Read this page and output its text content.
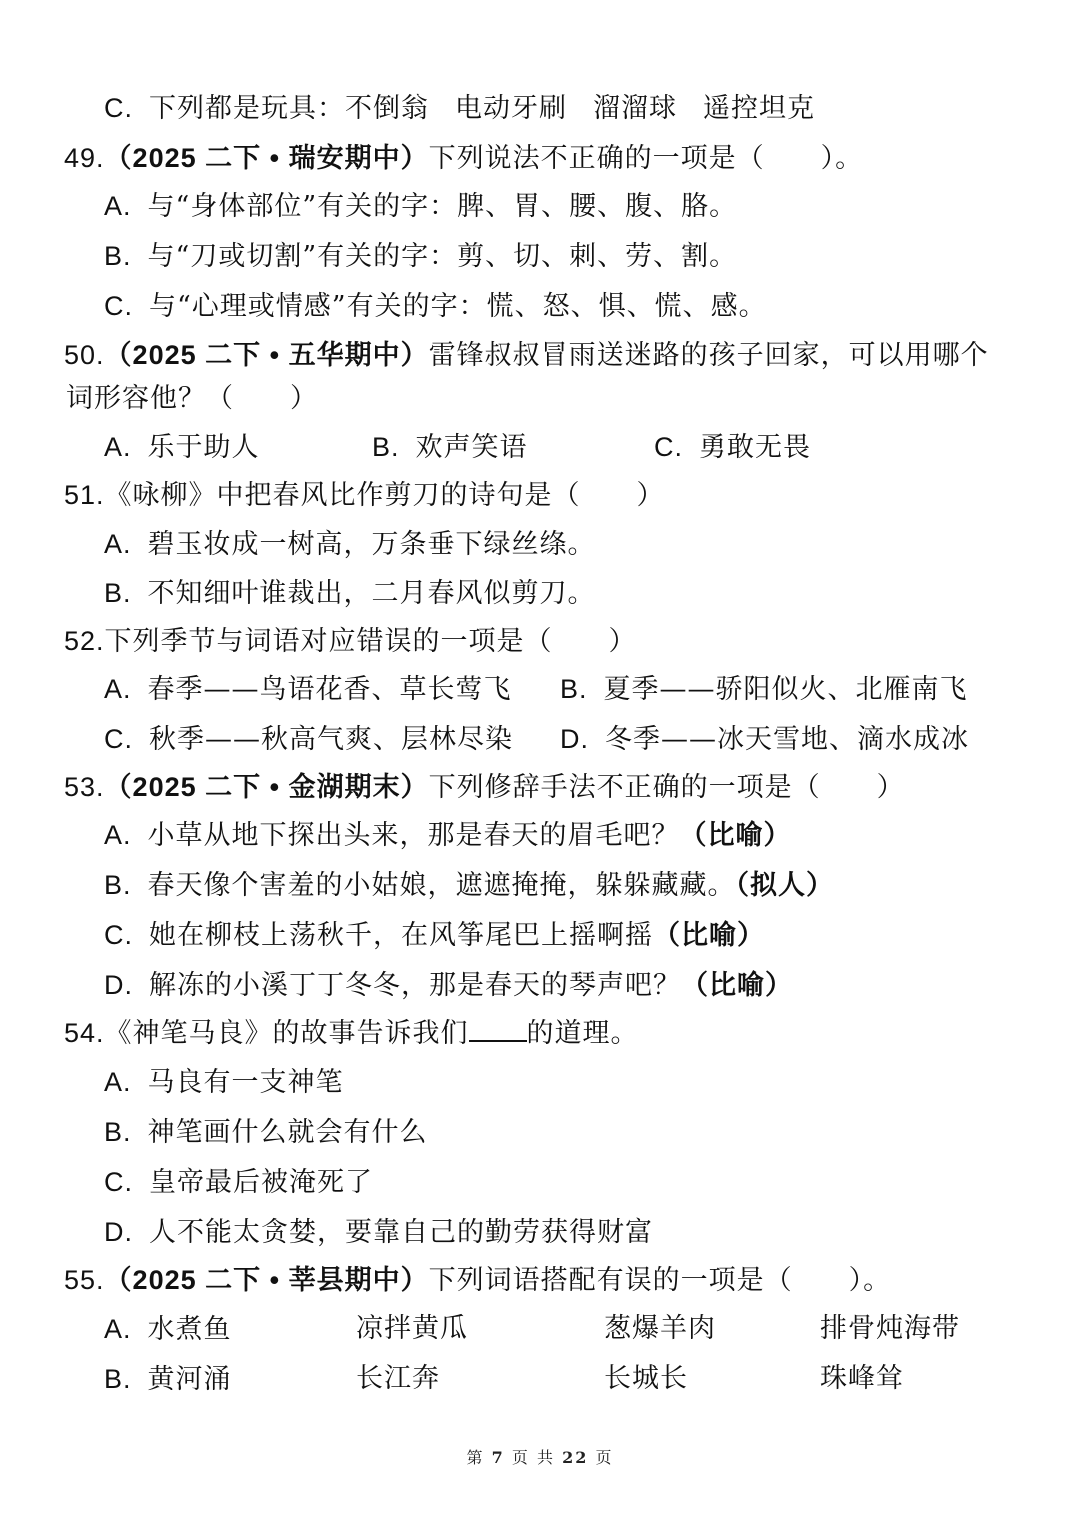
C. 下列都是玩具：不倒翁 电动牙刷 溜溜球 遥控坦克
49.（2025 二下 • 瑞安期中）下列说法不正确的一项是（　　）。
A. 与“身体部位”有关的字：脾、胃、腰、腹、胳。
B. 与“刀或切割”有关的字：剪、切、刺、劳、割。
C. 与“心理或情感”有关的字：慌、怒、惧、慌、感。
50.（2025 二下 • 五华期中）雷锋叔叔冒雨送迷路的孩子回家，可以用哪个
词形容他？（　　）
A. 乐于助人	B. 欢声笑语	C. 勇敢无畏
51.《咏柳》中把春风比作剪刀的诗句是（　　）
A. 碧玉妆成一树高，万条垂下绿丝绦。
B. 不知细叶谁裁出，二月春风似剪刀。
52.下列季节与词语对应错误的一项是（　　）
A. 春季——鸟语花香、草长莺飞 B. 夏季——骄阳似火、北雁南飞
C. 秋季——秋高气爽、层林尽染 D. 冬季——冰天雪地、滴水成冰
53.（2025 二下 • 金湖期末）下列修辞手法不正确的一项是（　　）
A. 小草从地下探出头来，那是春天的眉毛吧？（比喻）
B. 春天像个害羞的小姑娘，遮遮掩掩，躲躲藏藏。（拟人）
C. 她在柳枝上荡秋千，在风筝尾巴上摇啊摇（比喻）
D. 解冻的小溪丁丁冬冬，那是春天的琴声吧？（比喻）
54.《神笔马良》的故事告诉我们 的道理。
A. 马良有一支神笔
B. 神笔画什么就会有什么
C. 皇帝最后被淹死了
D. 人不能太贪婪，要靠自己的勤劳获得财富
55.（2025 二下 • 莘县期中）下列词语搭配有误的一项是（　　）。
A. 水煮鱼	凉拌黄瓜	葱爆羊肉	排骨炖海带
B. 黄河涌	长江奔	长城长	珠峰耸
第 7 页 共 22 页
